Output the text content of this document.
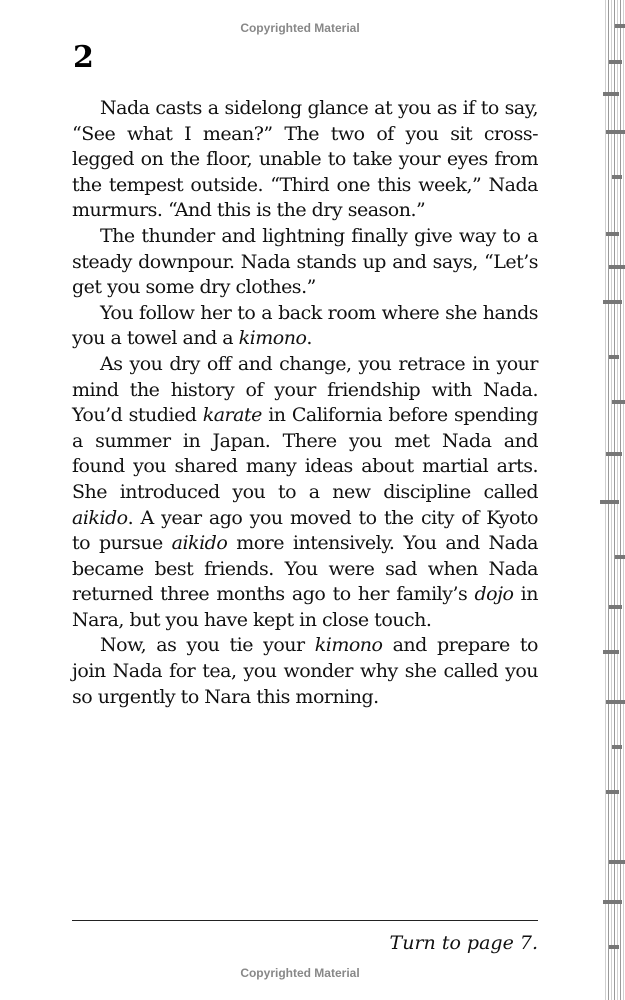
Copyrighted Material
2

Nada casts a sidelong glance at you as if to say, “See what I mean?” The two of you sit cross-legged on the floor, unable to take your eyes from the tempest outside. “Third one this week,” Nada murmurs. “And this is the dry season.”

The thunder and lightning finally give way to a steady downpour. Nada stands up and says, “Let’s get you some dry clothes.”

You follow her to a back room where she hands you a towel and a kimono.

As you dry off and change, you retrace in your mind the history of your friendship with Nada. You’d studied karate in California before spending a summer in Japan. There you met Nada and found you shared many ideas about martial arts. She introduced you to a new discipline called aikido. A year ago you moved to the city of Kyoto to pursue aikido more intensively. You and Nada became best friends. You were sad when Nada returned three months ago to her family’s dojo in Nara, but you have kept in close touch.

Now, as you tie your kimono and prepare to join Nada for tea, you wonder why she called you so urgently to Nara this morning.

Turn to page 7.
Copyrighted Material
